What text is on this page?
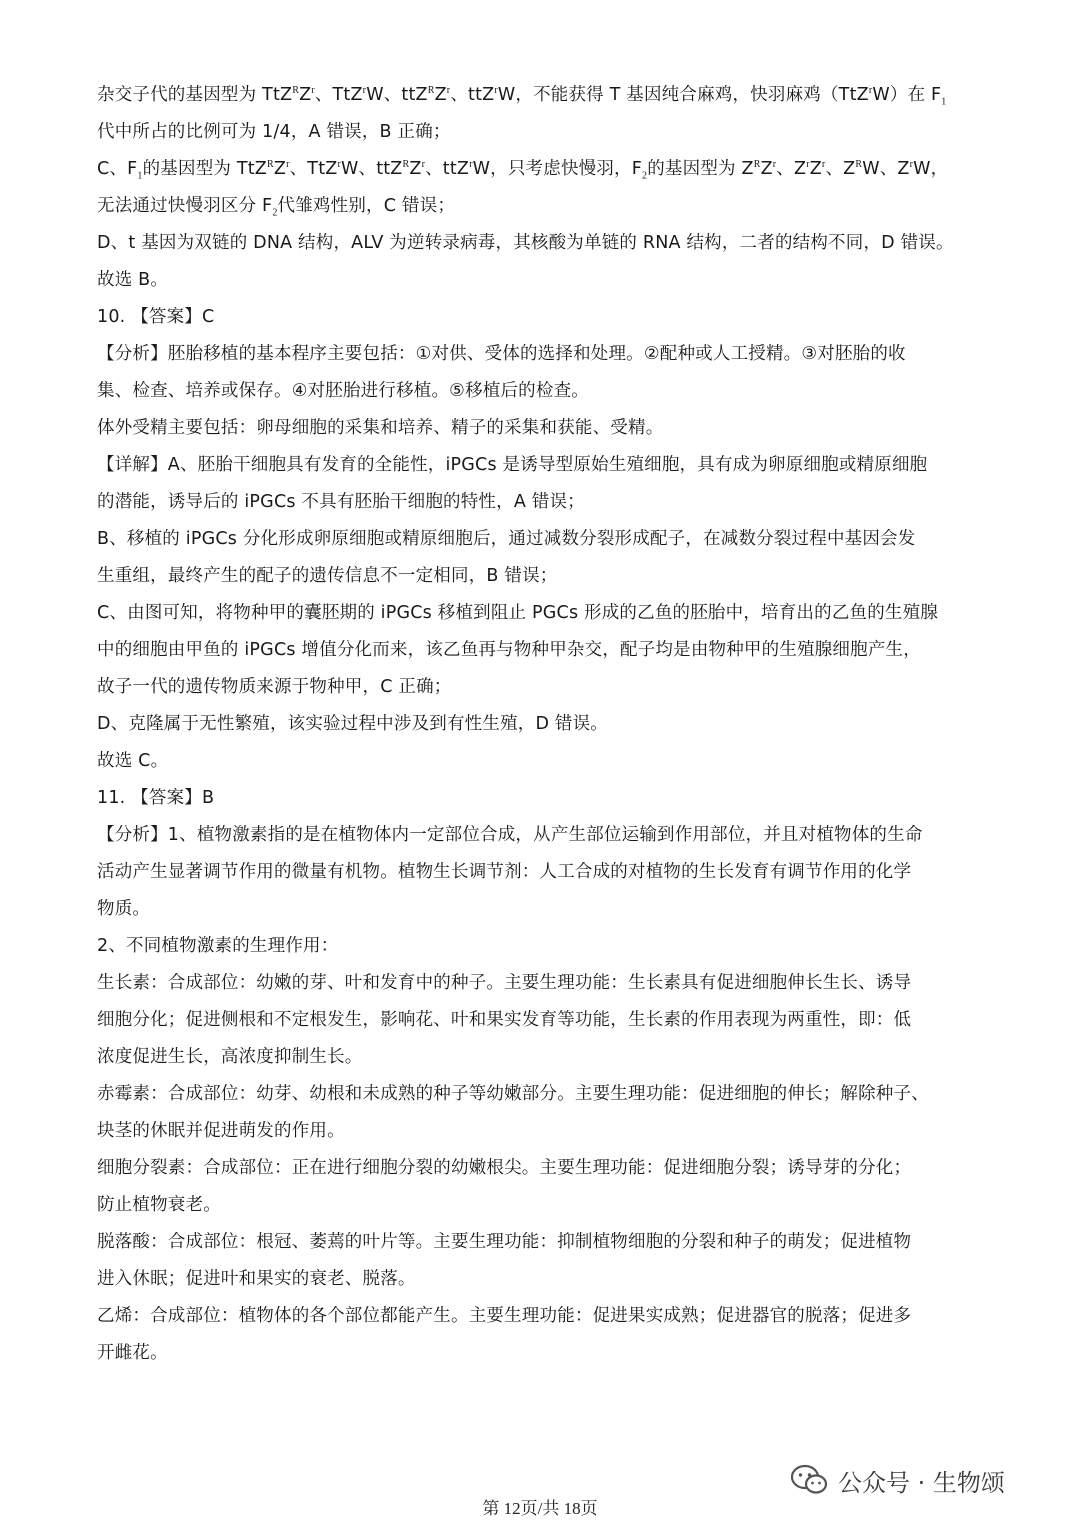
杂交子代的基因型为 $TtZ^RZ^r$、TtZ$^r$W、$ttZ^RZ^r$、ttZ$^r$W，不能获得 T 基因纯合麻鸡，快羽麻鸡（TtZ$^r$W）在 $F_1$
代中所占的比例可为 1/4，A 错误，B 正确；
C、$F_1$的基因型为 $TtZ^RZ^r$、TtZ$^r$W、$ttZ^RZ^r$、ttZ$^r$W，只考虑快慢羽，$F_2$的基因型为 $Z^RZ^r$、$Z^rZ^r$、$Z^RW$、$Z^rW$，
无法通过快慢羽区分 $F_2$代雏鸡性别，C 错误；
D、t 基因为双链的 DNA 结构，ALV 为逆转录病毒，其核酸为单链的 RNA 结构，二者的结构不同，D 错误。
故选 B。
10. 【答案】C
【分析】胚胎移植的基本程序主要包括：①对供、受体的选择和处理。②配种或人工授精。③对胚胎的收
集、检查、培养或保存。④对胚胎进行移植。⑤移植后的检查。
体外受精主要包括：卵母细胞的采集和培养、精子的采集和获能、受精。
【详解】A、胚胎干细胞具有发育的全能性，iPGCs 是诱导型原始生殖细胞，具有成为卵原细胞或精原细胞
的潜能，诱导后的 iPGCs 不具有胚胎干细胞的特性，A 错误；
B、移植的 iPGCs 分化形成卵原细胞或精原细胞后，通过减数分裂形成配子，在减数分裂过程中基因会发
生重组，最终产生的配子的遗传信息不一定相同，B 错误；
C、由图可知，将物种甲的囊胚期的 iPGCs 移植到阻止 PGCs 形成的乙鱼的胚胎中，培育出的乙鱼的生殖腺
中的细胞由甲鱼的 iPGCs 增值分化而来，该乙鱼再与物种甲杂交，配子均是由物种甲的生殖腺细胞产生，
故子一代的遗传物质来源于物种甲，C 正确；
D、克隆属于无性繁殖，该实验过程中涉及到有性生殖，D 错误。
故选 C。
11. 【答案】B
【分析】1、植物激素指的是在植物体内一定部位合成，从产生部位运输到作用部位，并且对植物体的生命
活动产生显著调节作用的微量有机物。植物生长调节剂：人工合成的对植物的生长发育有调节作用的化学
物质。
2、不同植物激素的生理作用：
生长素：合成部位：幼嫩的芽、叶和发育中的种子。主要生理功能：生长素具有促进细胞伸长生长、诱导
细胞分化；促进侧根和不定根发生，影响花、叶和果实发育等功能，生长素的作用表现为两重性，即：低
浓度促进生长，高浓度抑制生长。
赤霉素：合成部位：幼芽、幼根和未成熟的种子等幼嫩部分。主要生理功能：促进细胞的伸长；解除种子、
块茎的休眠并促进萌发的作用。
细胞分裂素：合成部位：正在进行细胞分裂的幼嫩根尖。主要生理功能：促进细胞分裂；诱导芽的分化；
防止植物衰老。
脱落酸：合成部位：根冠、萎蔫的叶片等。主要生理功能：抑制植物细胞的分裂和种子的萌发；促进植物
进入休眠；促进叶和果实的衰老、脱落。
乙烯：合成部位：植物体的各个部位都能产生。主要生理功能：促进果实成熟；促进器官的脱落；促进多
开雌花。
公众号 · 生物颂
第 12页/共 18页
